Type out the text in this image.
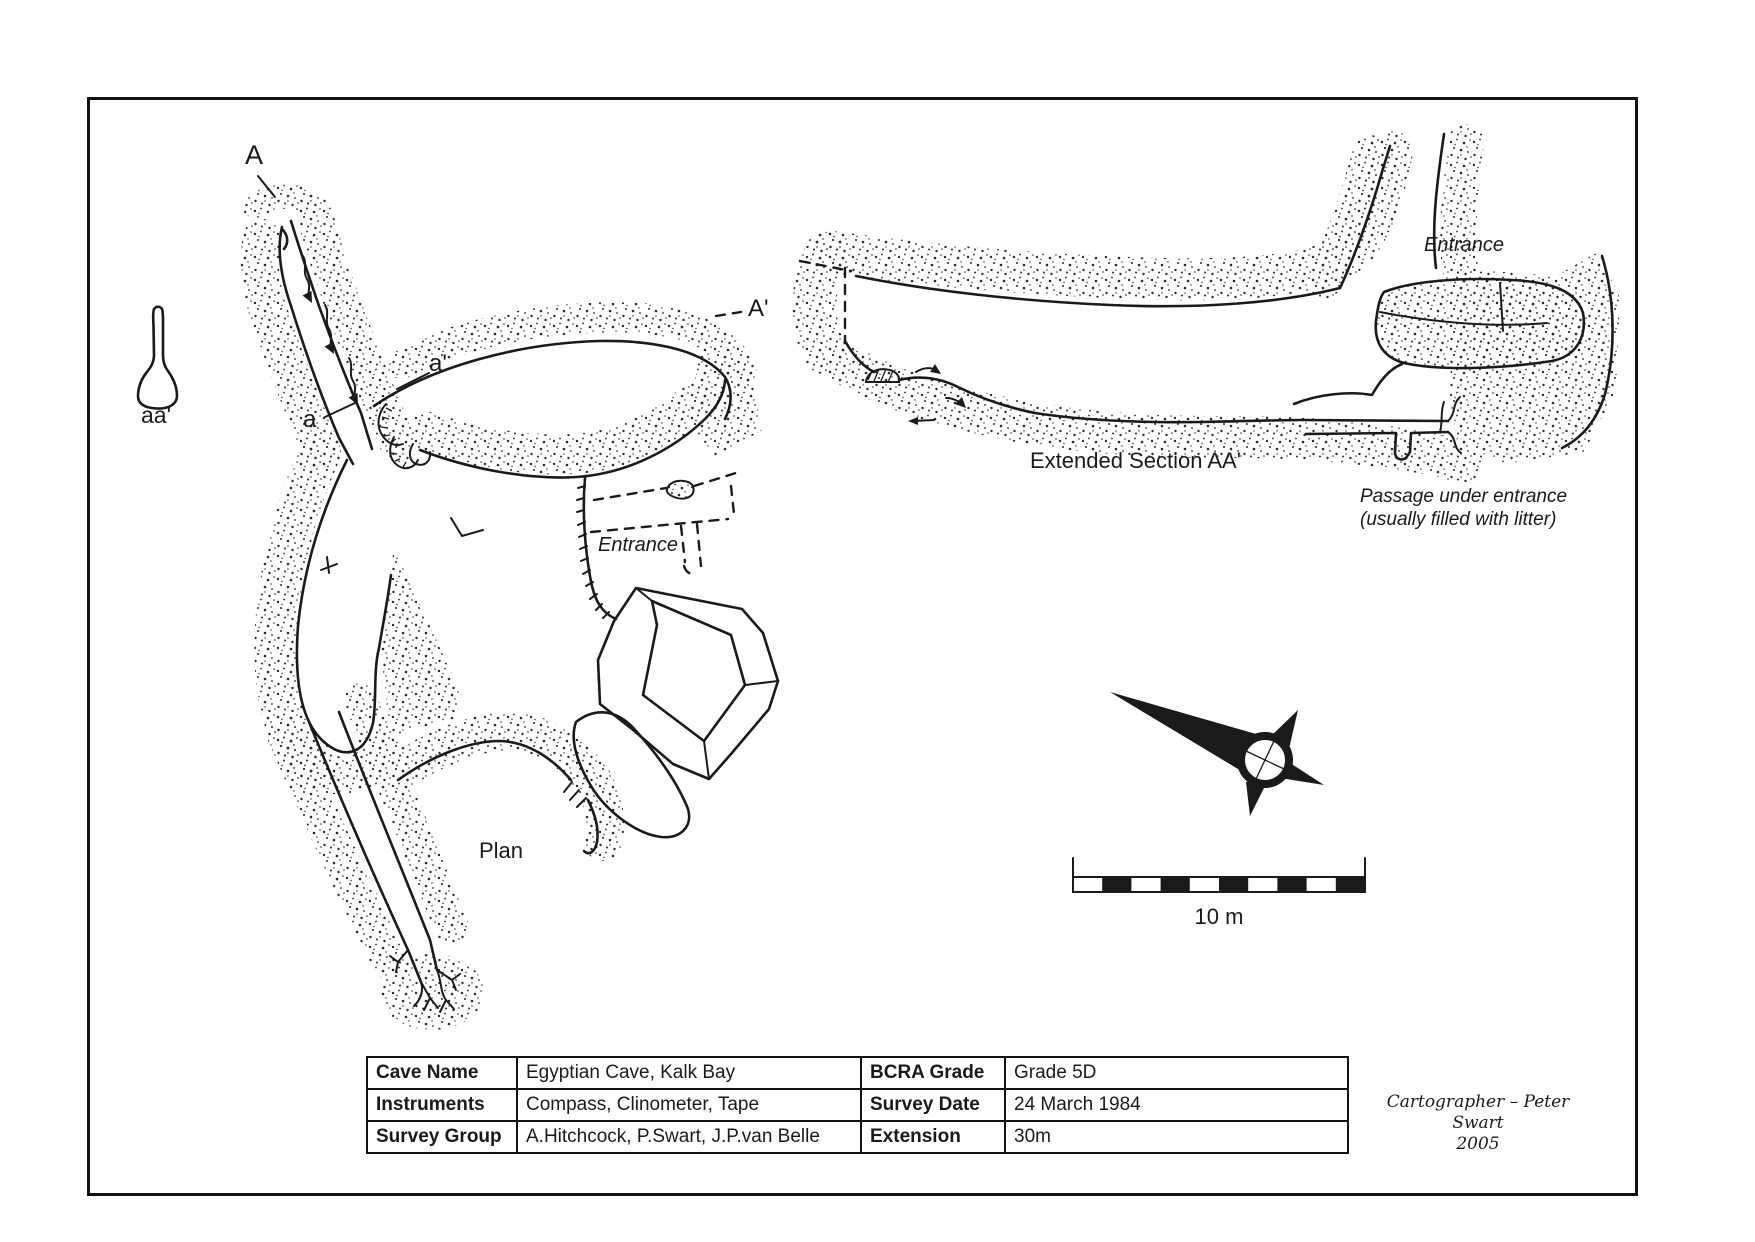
A
a
a'
aa'
Entrance
Plan
A'
Extended Section AA'
Entrance
Passage under entrance
(usually filled with litter)
10 m
Cave Name	Egyptian Cave, Kalk Bay	BCRA Grade	Grade 5D
Instruments	Compass, Clinometer, Tape	Survey Date	24 March 1984
Survey Group	A.Hitchcock, P.Swart, J.P.van Belle	Extension	30m
Cartographer – Peter Swart
2005
